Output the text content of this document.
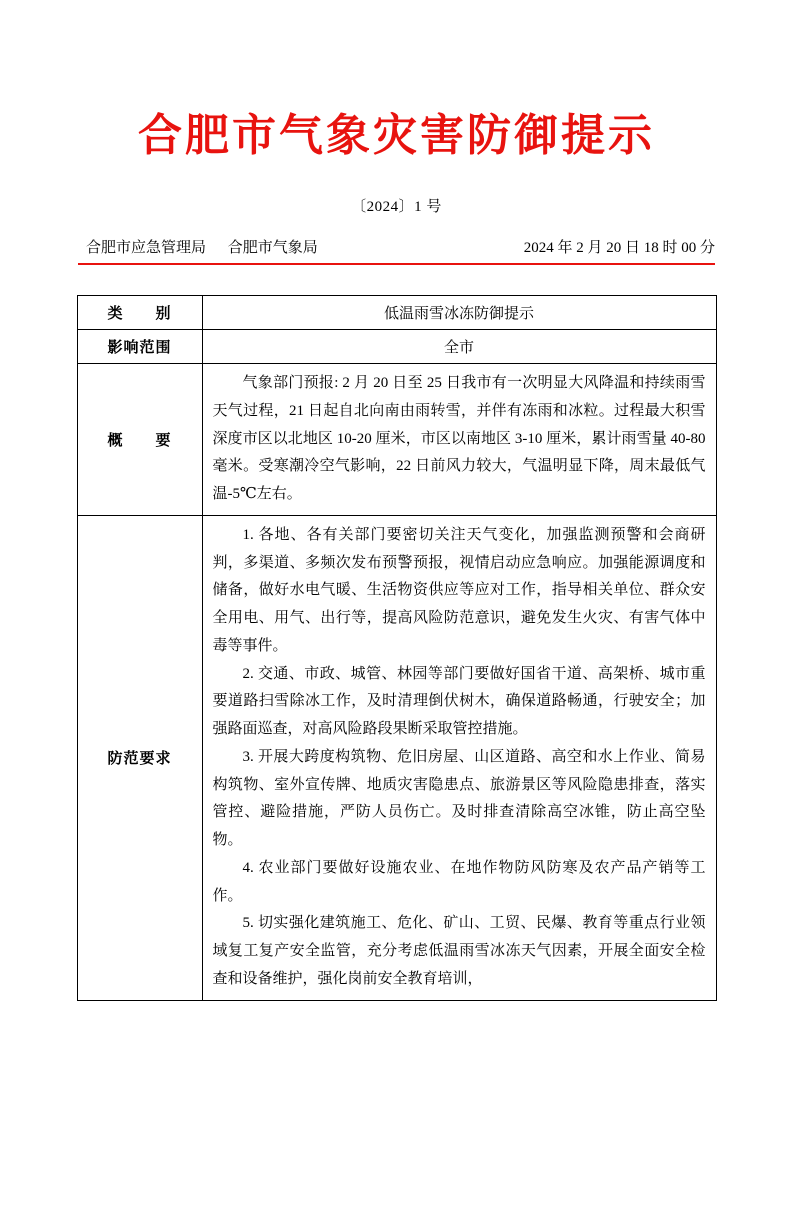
合肥市气象灾害防御提示
〔2024〕1 号
合肥市应急管理局 合肥市气象局	2024 年 2 月 20 日 18 时 00 分
类　　别	低温雨雪冰冻防御提示
影响范围	全市
概　　要	气象部门预报: 2 月 20 日至 25 日我市有一次明显大风降温和持续雨雪天气过程，21 日起自北向南由雨转雪，并伴有冻雨和冰粒。过程最大积雪深度市区以北地区 10-20 厘米，市区以南地区 3-10 厘米，累计雨雪量 40-80 毫米。受寒潮冷空气影响，22 日前风力较大，气温明显下降，周末最低气温-5℃左右。

防范要求	1. 各地、各有关部门要密切关注天气变化，加强监测预警和会商研判，多渠道、多频次发布预警预报，视情启动应急响应。加强能源调度和储备，做好水电气暖、生活物资供应等应对工作，指导相关单位、群众安全用电、用气、出行等，提高风险防范意识，避免发生火灾、有害气体中毒等事件。

2. 交通、市政、城管、林园等部门要做好国省干道、高架桥、城市重要道路扫雪除冰工作，及时清理倒伏树木，确保道路畅通，行驶安全；加强路面巡查，对高风险路段果断采取管控措施。

3. 开展大跨度构筑物、危旧房屋、山区道路、高空和水上作业、简易构筑物、室外宣传牌、地质灾害隐患点、旅游景区等风险隐患排查，落实管控、避险措施，严防人员伤亡。及时排查清除高空冰锥，防止高空坠物。

4. 农业部门要做好设施农业、在地作物防风防寒及农产品产销等工作。

5. 切实强化建筑施工、危化、矿山、工贸、民爆、教育等重点行业领域复工复产安全监管，充分考虑低温雨雪冰冻天气因素，开展全面安全检查和设备维护，强化岗前安全教育培训，
